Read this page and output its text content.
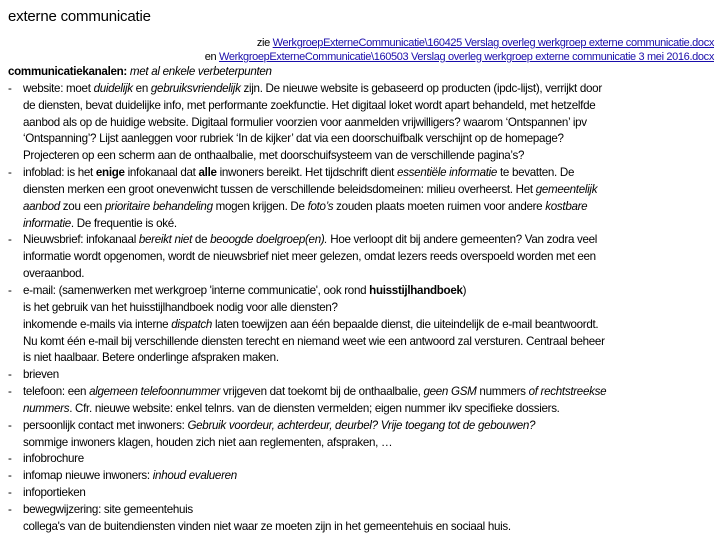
externe communicatie
zie WerkgroepExterneCommunicatie\160425 Verslag overleg werkgroep externe communicatie.docx
en WerkgroepExterneCommunicatie\160503 Verslag overleg werkgroep externe communicatie 3 mei 2016.docx
communicatiekanalen: met al enkele verbeterpunten
- website: moet duidelijk en gebruiksvriendelijk zijn. De nieuwe website is gebaseerd op producten (ipdc-lijst), verrijkt door
de diensten, bevat duidelijke info, met performante zoekfunctie. Het digitaal loket wordt apart behandeld, met hetzelfde
aanbod als op de huidige website. Digitaal formulier voorzien voor aanmelden vrijwilligers? waarom ‘Ontspannen’ ipv
‘Ontspanning’? Lijst aanleggen voor rubriek ‘In de kijker’ dat via een doorschuifbalk verschijnt op de homepage?
Projecteren op een scherm aan de onthaalbalie, met doorschuifsysteem van de verschillende pagina’s?
- infoblad: is het enige infokanaal dat alle inwoners bereikt. Het tijdschrift dient essentiële informatie te bevatten. De
diensten merken een groot onevenwicht tussen de verschillende beleidsdomeinen: milieu overheerst. Het gemeentelijk
aanbod zou een prioritaire behandeling mogen krijgen. De foto’s zouden plaats moeten ruimen voor andere kostbare
informatie. De frequentie is oké.
- Nieuwsbrief: infokanaal bereikt niet de beoogde doelgroep(en). Hoe verloopt dit bij andere gemeenten? Van zodra veel
informatie wordt opgenomen, wordt de nieuwsbrief niet meer gelezen, omdat lezers reeds overspoeld worden met een
overaanbod.
- e-mail: (samenwerken met werkgroep 'interne communicatie', ook rond huisstijlhandboek)
is het gebruik van het huisstijlhandboek nodig voor alle diensten?
inkomende e-mails via interne dispatch laten toewijzen aan één bepaalde dienst, die uiteindelijk de e-mail beantwoordt.
Nu komt één e-mail bij verschillende diensten terecht en niemand weet wie een antwoord zal versturen. Centraal beheer
is niet haalbaar. Betere onderlinge afspraken maken.
- brieven
- telefoon: een algemeen telefoonnummer vrijgeven dat toekomt bij de onthaalbalie, geen GSM nummers of rechtstreekse
nummers. Cfr. nieuwe website: enkel telnrs. van de diensten vermelden; eigen nummer ikv specifieke dossiers.
- persoonlijk contact met inwoners: Gebruik voordeur, achterdeur, deurbel? Vrije toegang tot de gebouwen?
sommige inwoners klagen, houden zich niet aan reglementen, afspraken, …
- infobrochure
- infomap nieuwe inwoners: inhoud evalueren
- infoportieken
- bewegwijzering: site gemeentehuis
collega's van de buitendiensten vinden niet waar ze moeten zijn in het gemeentehuis en sociaal huis.
